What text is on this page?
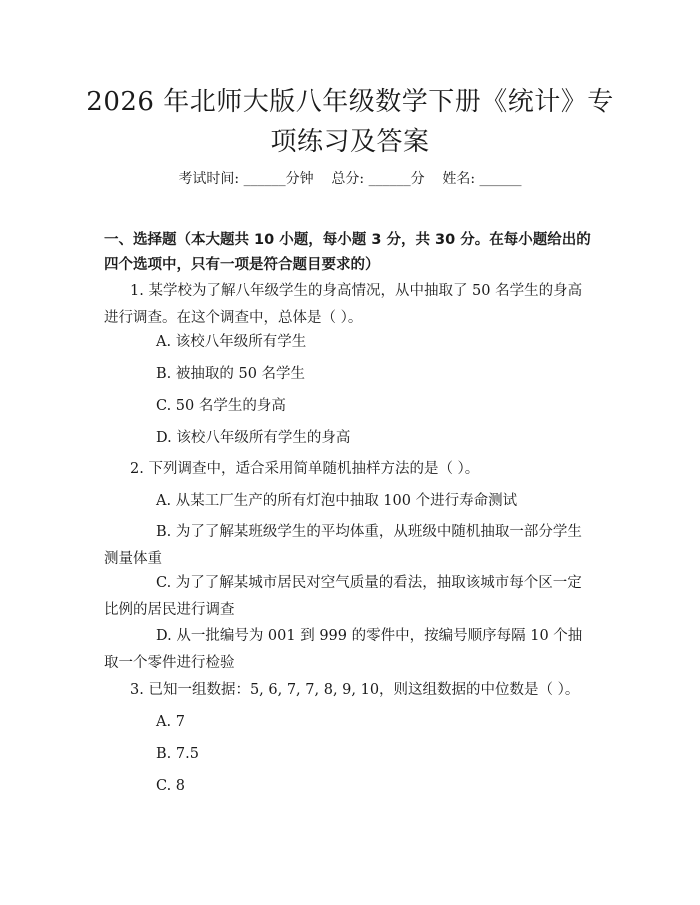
2026 年北师大版八年级数学下册《统计》专
项练习及答案
考试时间: ______分钟    总分: ______分    姓名: ______
一、选择题（本大题共 10 小题，每小题 3 分，共 30 分。在每小题给出的四个选项中，只有一项是符合题目要求的）
1. 某学校为了解八年级学生的身高情况，从中抽取了 50 名学生的身高进行调查。在这个调查中，总体是（ ）。
A. 该校八年级所有学生
B. 被抽取的 50 名学生
C. 50 名学生的身高
D. 该校八年级所有学生的身高
2. 下列调查中，适合采用简单随机抽样方法的是（ ）。
A. 从某工厂生产的所有灯泡中抽取 100 个进行寿命测试
B. 为了了解某班级学生的平均体重，从班级中随机抽取一部分学生测量体重
C. 为了了解某城市居民对空气质量的看法，抽取该城市每个区一定比例的居民进行调查
D. 从一批编号为 001 到 999 的零件中，按编号顺序每隔 10 个抽取一个零件进行检验
3. 已知一组数据：5, 6, 7, 7, 8, 9, 10，则这组数据的中位数是（ ）。
A. 7
B. 7.5
C. 8
